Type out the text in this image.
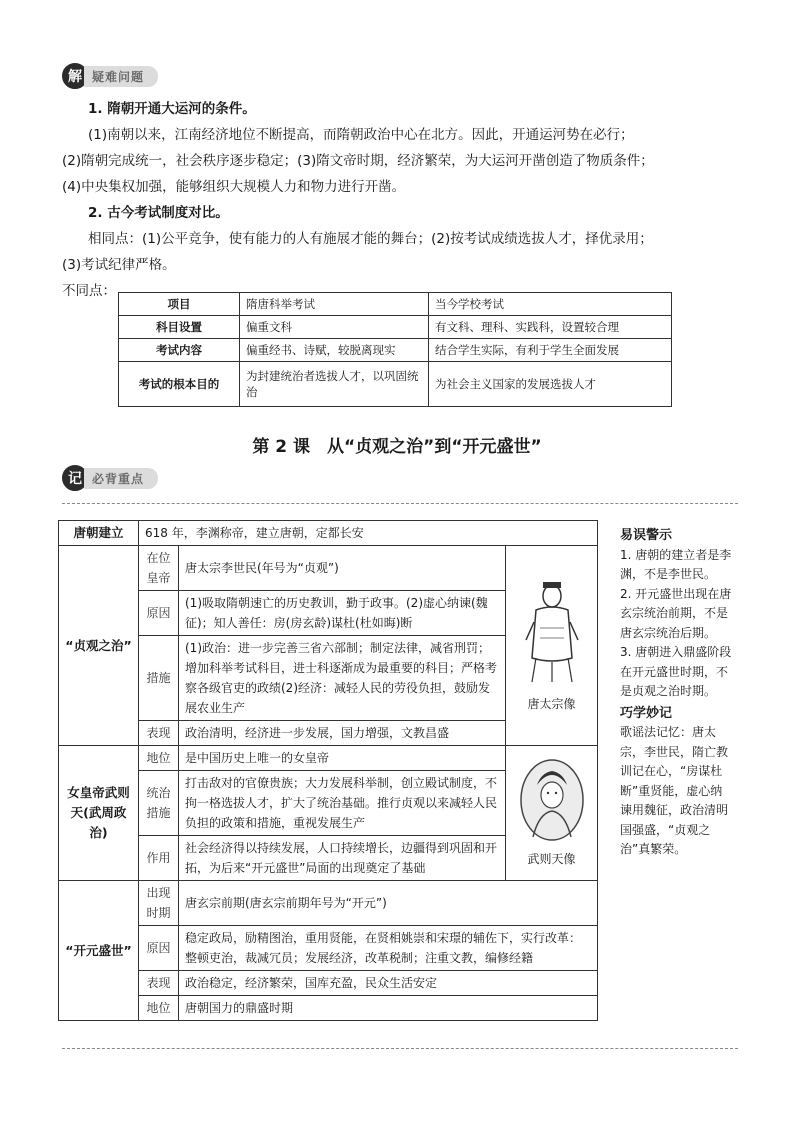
解 疑难问题

1. 隋朝开通大运河的条件。

(1)南朝以来，江南经济地位不断提高，而隋朝政治中心在北方。因此，开通运河势在必行；

(2)隋朝完成统一，社会秩序逐步稳定；(3)隋文帝时期，经济繁荣，为大运河开凿创造了物质条件；

(4)中央集权加强，能够组织大规模人力和物力进行开凿。

2. 古今考试制度对比。

相同点：(1)公平竞争，使有能力的人有施展才能的舞台；(2)按考试成绩选拔人才，择优录用；

(3)考试纪律严格。

不同点：

项目	隋唐科举考试	当今学校考试
科目设置	偏重文科	有文科、理科、实践科，设置较合理
考试内容	偏重经书、诗赋，较脱离现实	结合学生实际，有利于学生全面发展
考试的根本目的	为封建统治者选拔人才，以巩固统治	为社会主义国家的发展选拔人才
第 2 课　从“贞观之治”到“开元盛世”
记 必背重点
唐朝建立	618 年，李渊称帝，建立唐朝，定都长安		
“贞观之治”	在位皇帝	唐太宗李世民(年号为“贞观”)	唐太宗像

	原因	(1)吸取隋朝速亡的历史教训，勤于政事。(2)虚心纳谏(魏征)；知人善任：房(房玄龄)谋杜(杜如晦)断	
	措施	(1)政治：进一步完善三省六部制；制定法律，减省刑罚；增加科举考试科目，进士科逐渐成为最重要的科目；严格考察各级官吏的政绩(2)经济：减轻人民的劳役负担，鼓励发展农业生产	
	表现	政治清明，经济进一步发展，国力增强，文教昌盛	
女皇帝武则天(武周政治)	地位	是中国历史上唯一的女皇帝	武则天像

	统治措施	打击敌对的官僚贵族；大力发展科举制，创立殿试制度，不拘一格选拔人才，扩大了统治基础。推行贞观以来减轻人民负担的政策和措施，重视发展生产	
	作用	社会经济得以持续发展，人口持续增长，边疆得到巩固和开拓，为后来“开元盛世”局面的出现奠定了基础	
“开元盛世”	出现时期	唐玄宗前期(唐玄宗前期年号为“开元”)	
	原因	稳定政局，励精图治，重用贤能，在贤相姚崇和宋璟的辅佐下，实行改革：整顿吏治，裁减冗员；发展经济，改革税制；注重文教，编修经籍	
	表现	政治稳定，经济繁荣，国库充盈，民众生活安定	
	地位	唐朝国力的鼎盛时期	
易误警示
1. 唐朝的建立者是李渊，不是李世民。
2. 开元盛世出现在唐玄宗统治前期，不是唐玄宗统治后期。
3. 唐朝进入鼎盛阶段在开元盛世时期，不是贞观之治时期。
巧学妙记
歌谣法记忆：唐太宗，李世民，隋亡教训记在心，“房谋杜断”重贤能，虚心纳谏用魏征，政治清明国强盛，“贞观之治”真繁荣。
